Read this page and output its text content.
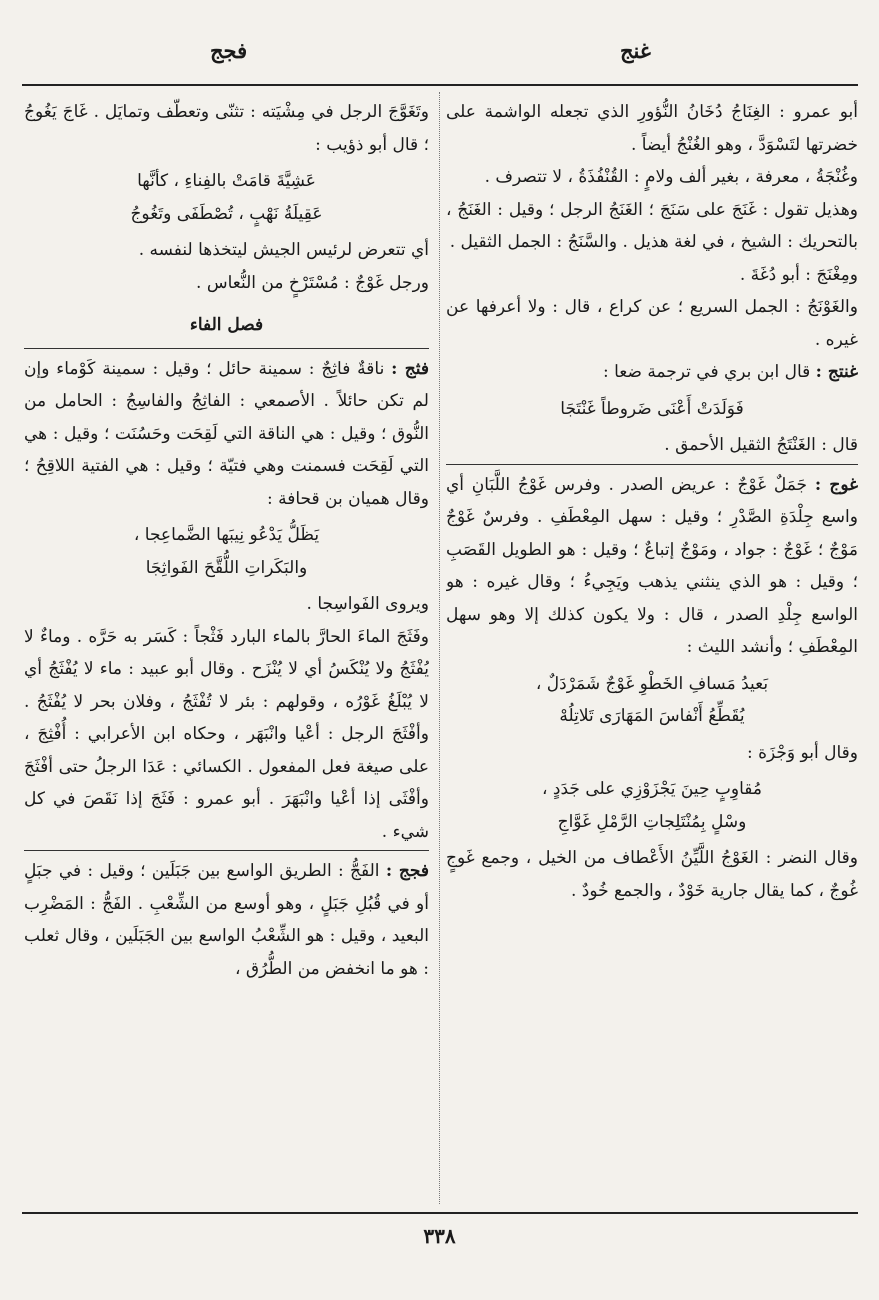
غنج
فجج

أبو عمرو : الغِنَاجُ دُخَانُ النُّؤورِ الذي تجعله الواشمة على خضرتها لتَسْوَدَّ ، وهو الغُنْجُ أيضاً .

وغُنْجَةُ ، معرفة ، بغير ألف ولامٍ : القُنْفُذَةُ ، لا تتصرف .

وهذيل تقول : غَنَجَ على سَنَجَ ؛ الغَنَجُ الرجل ؛ وقيل : الغَنَجُ ، بالتحريك : الشيخ ، في لغة هذيل . والسَّنَجُ : الجمل الثقيل .

ومِغْنَجَ : أبو دُغَةَ .

والغَوْنَجُ : الجمل السريع ؛ عن كراع ، قال : ولا أعرفها عن غيره .

غنتج : قال ابن بري في ترجمة ضعا :

فَوَلَدَتْ أَعْنَى ضَروطاً غَنْتَجَا

قال : الغَنْتَجُ الثقيل الأحمق .

غوج : جَمَلٌ غَوْجٌ : عريض الصدر . وفرس غَوْجُ اللَّبَانِ أي واسع جِلْدَةِ الصَّدْرِ ؛ وقيل : سهل المِعْطَفِ . وفرسٌ غَوْجٌ مَوْجٌ ؛ غَوْجٌ : جواد ، ومَوْجٌ إتباعٌ ؛ وقيل : هو الطويل القَصَبِ ؛ وقيل : هو الذي ينثني يذهب ويَجِيءُ ؛ وقال غيره : هو الواسع جِلْدِ الصدر ، قال : ولا يكون كذلك إلا وهو سهل المِعْطَفِ ؛ وأنشد الليث :

بَعيدُ مَسافِ الخَطْوِ غَوْجٌ شَمَرْدَلٌ ،
يُقَطِّعُ أَنْفاسَ المَهَارَى تَلاتِلُهْ

وقال أبو وَجْزَة :

مُقاوِبٍ حِينَ يَجْزَوْزِي على جَدَدٍ ،
وسْلٍ بِمُنْتَلِجاتِ الرَّمْلِ غَوَّاجِ

وقال النضر : الغَوْجُ اللَّيِّنُ الأَعْطاف من الخيل ، وجمع غَوجٍ غُوجٌ ، كما يقال جارية خَوْدٌ ، والجمع خُودٌ .

وتَغَوَّجَ الرجل في مِشْيَته : تثنّى وتعطّف وتمايَل . غَاجَ يَغُوجُ ؛ قال أبو ذؤيب :

عَشِيَّةَ قامَتْ بالفِناءِ ، كأنَّها
عَقِيلَةُ نَهْبٍ ، تُصْطَفَى وتَغُوجُ

أي تتعرض لرئيس الجيش ليتخذها لنفسه .

ورجل غَوْجٌ : مُسْتَرْخٍ من النُّعاس .

فصل الفاء

فثج : ناقةٌ فاثِجٌ : سمينة حائل ؛ وقيل : سمينة كَوْماء وإن لم تكن حائلاً . الأصمعي : الفاثِجُ والفاسِجُ : الحامل من النُّوق ؛ وقيل : هي الناقة التي لَقِحَت وحَسُنَت ؛ وقيل : هي التي لَقِحَت فسمنت وهي فتيّة ؛ وقيل : هي الفتية اللاقِحُ ؛ وقال هميان بن قحافة :

يَظَلُّ يَدْعُو نِيبَها الضَّماعِجا ،
والبَكَراتِ اللُّقَّحَ الفَواثِجَا

ويروى الفَواسِجا .

وفَثَجَ الماءَ الحارَّ بالماء البارد فَثْجاً : كَسَر به حَرَّه . وماءٌ لا يُفْثَجُ ولا يُنْكَسُ أي لا يُنْزَح . وقال أبو عبيد : ماء لا يُفْثَجُ أي لا يُبْلَغُ غَوْرُه ، وقولهم : بئر لا تُفْثَجُ ، وفلان بحر لا يُفْثَجُ . وأفْثَجَ الرجل : أعْيا وانْبَهَر ، وحكاه ابن الأعرابي : أُفْثِجَ ، على صيغة فعل المفعول . الكسائي : عَدَا الرجلُ حتى أفْثَجَ وأفْثَى إذا أعْيا وانْبَهَرَ . أبو عمرو : فَثَجَ إذا نَقَصَ في كل شيء .

فجج : الفَجُّ : الطريق الواسع بين جَبَلَين ؛ وقيل : في جبَلٍ أو في قُبُلِ جَبَلٍ ، وهو أوسع من الشِّعْبِ . الفَجُّ : المَضْرِب البعيد ، وقيل : هو الشِّعْبُ الواسع بين الجَبَلَين ، وقال ثعلب : هو ما انخفض من الطُّرُق ،

٣٣٨
